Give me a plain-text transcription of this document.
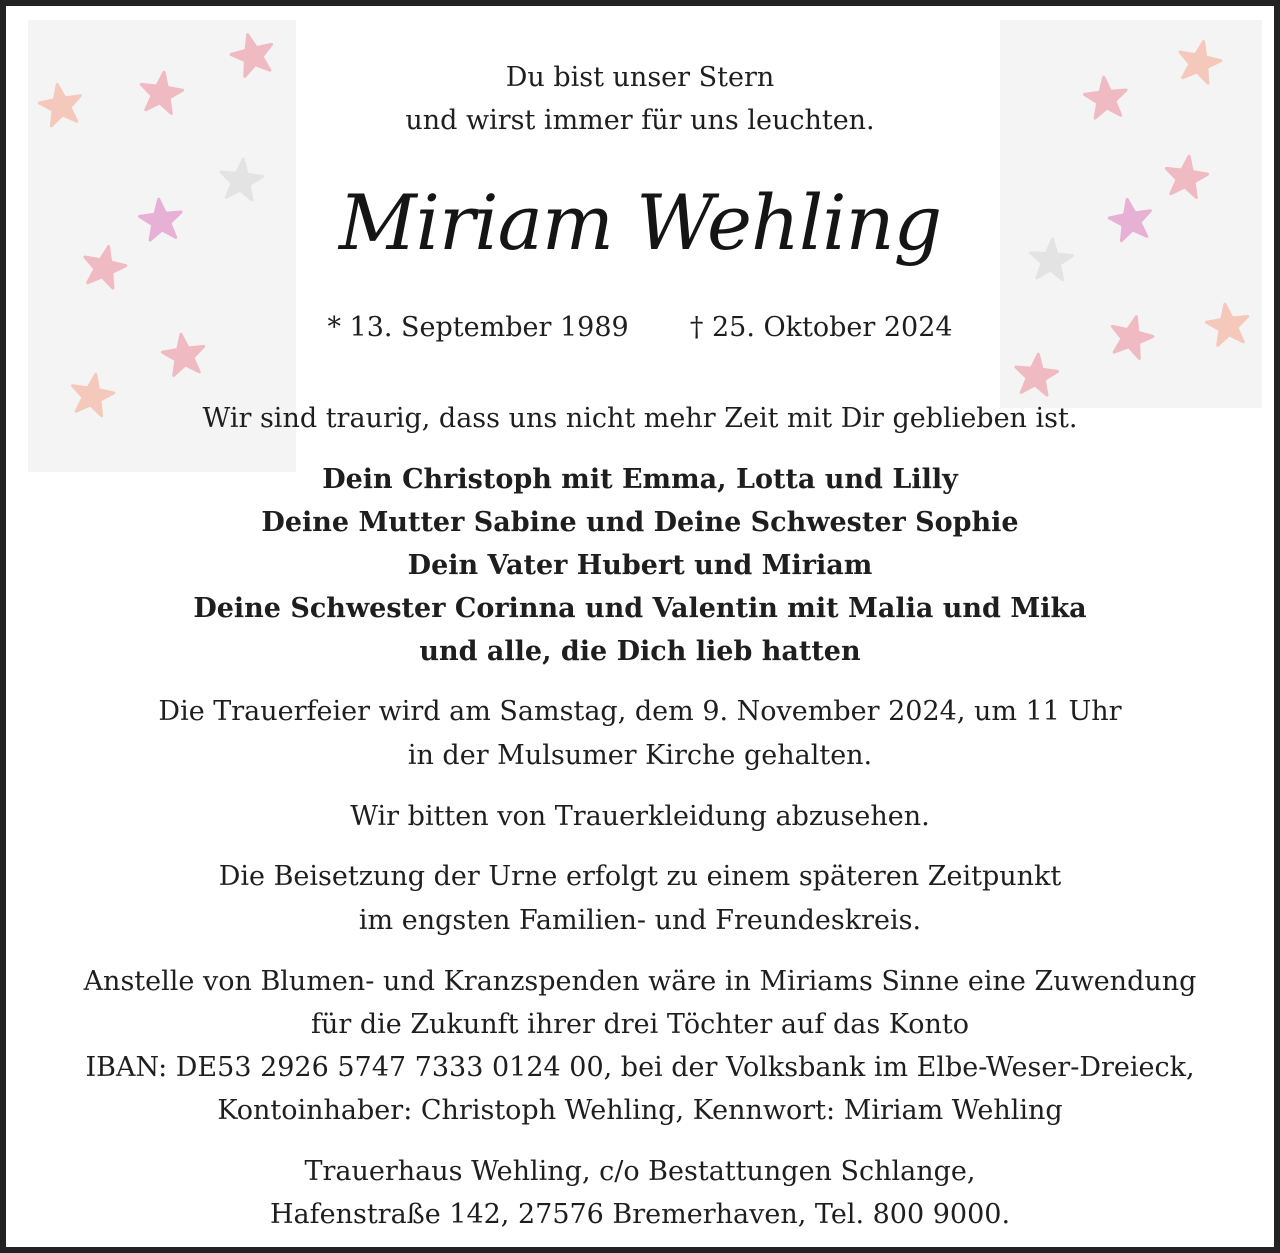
Du bist unser Stern
und wirst immer für uns leuchten.
Miriam Wehling
* 13. September 1989 † 25. Oktober 2024
Wir sind traurig, dass uns nicht mehr Zeit mit Dir geblieben ist.
Dein Christoph mit Emma, Lotta und Lilly
Deine Mutter Sabine und Deine Schwester Sophie
Dein Vater Hubert und Miriam
Deine Schwester Corinna und Valentin mit Malia und Mika
und alle, die Dich lieb hatten
Die Trauerfeier wird am Samstag, dem 9. November 2024, um 11 Uhr
in der Mulsumer Kirche gehalten.
Wir bitten von Trauerkleidung abzusehen.
Die Beisetzung der Urne erfolgt zu einem späteren Zeitpunkt
im engsten Familien- und Freundeskreis.
Anstelle von Blumen- und Kranzspenden wäre in Miriams Sinne eine Zuwendung
für die Zukunft ihrer drei Töchter auf das Konto
IBAN: DE53 2926 5747 7333 0124 00, bei der Volksbank im Elbe-Weser-Dreieck,
Kontoinhaber: Christoph Wehling, Kennwort: Miriam Wehling
Trauerhaus Wehling, c/o Bestattungen Schlange,
Hafenstraße 142, 27576 Bremerhaven, Tel. 800 9000.
